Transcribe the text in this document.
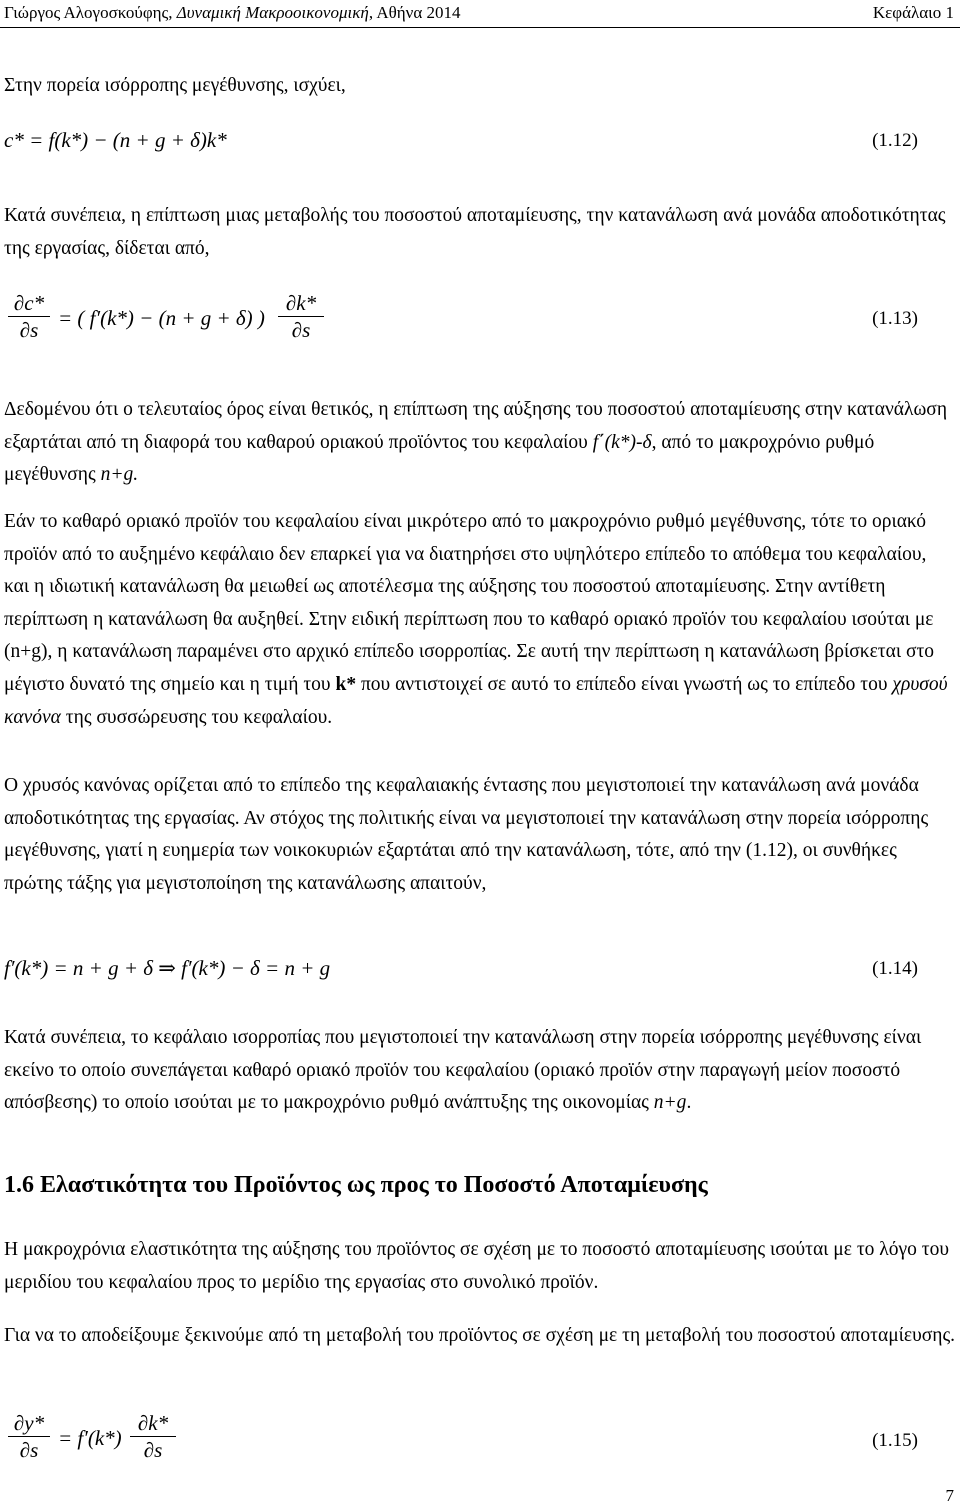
Γιώργος Αλογοσκούφης, Δυναμική Μακροοικονομική, Αθήνα 2014	Κεφάλαιο 1
Στην πορεία ισόρροπης μεγέθυνσης, ισχύει,
c* = f(k*) − (n + g + δ)k*	(1.12)
Κατά συνέπεια, η επίπτωση μιας μεταβολής του ποσοστού αποταμίευσης, την κατανάλωση ανά μονάδα αποδοτικότητας της εργασίας, δίδεται από,
∂c*
∂s = ( f′(k*) − (n + g + δ) )
∂k*
∂s	(1.13)
Δεδομένου ότι ο τελευταίος όρος είναι θετικός, η επίπτωση της αύξησης του ποσοστού αποταμίευσης στην κατανάλωση εξαρτάται από τη διαφορά του καθαρού οριακού προϊόντος του κεφαλαίου f΄(k*)-δ, από το μακροχρόνιο ρυθμό μεγέθυνσης n+g.
Εάν το καθαρό οριακό προϊόν του κεφαλαίου είναι μικρότερο από το μακροχρόνιο ρυθμό μεγέθυνσης, τότε το οριακό προϊόν από το αυξημένο κεφάλαιο δεν επαρκεί για να διατηρήσει στο υψηλότερο επίπεδο το απόθεμα του κεφαλαίου, και η ιδιωτική κατανάλωση θα μειωθεί ως αποτέλεσμα της αύξησης του ποσοστού αποταμίευσης. Στην αντίθετη περίπτωση η κατανάλωση θα αυξηθεί. Στην ειδική περίπτωση που το καθαρό οριακό προϊόν του κεφαλαίου ισούται με (n+g), η κατανάλωση παραμένει στο αρχικό επίπεδο ισορροπίας. Σε αυτή την περίπτωση η κατανάλωση βρίσκεται στο μέγιστο δυνατό της σημείο και η τιμή του k* που αντιστοιχεί σε αυτό το επίπεδο είναι γνωστή ως το επίπεδο του χρυσού κανόνα της συσσώρευσης του κεφαλαίου.
Ο χρυσός κανόνας ορίζεται από το επίπεδο της κεφαλαιακής έντασης που μεγιστοποιεί την κατανάλωση ανά μονάδα αποδοτικότητας της εργασίας. Αν στόχος της πολιτικής είναι να μεγιστοποιεί την κατανάλωση στην πορεία ισόρροπης μεγέθυνσης, γιατί η ευημερία των νοικοκυριών εξαρτάται από την κατανάλωση, τότε, από την (1.12), οι συνθήκες πρώτης τάξης για μεγιστοποίηση της κατανάλωσης απαιτούν,
f′(k*) = n + g + δ ⇒ f′(k*) − δ = n + g	(1.14)
Κατά συνέπεια, το κεφάλαιο ισορροπίας που μεγιστοποιεί την κατανάλωση στην πορεία ισόρροπης μεγέθυνσης είναι εκείνο το οποίο συνεπάγεται καθαρό οριακό προϊόν του κεφαλαίου (οριακό προϊόν στην παραγωγή μείον ποσοστό απόσβεσης) το οποίο ισούται με το μακροχρόνιο ρυθμό ανάπτυξης της οικονομίας n+g.
1.6 Ελαστικότητα του Προϊόντος ως προς το Ποσοστό Αποταμίευσης
Η μακροχρόνια ελαστικότητα της αύξησης του προϊόντος σε σχέση με το ποσοστό αποταμίευσης ισούται με το λόγο του μεριδίου του κεφαλαίου προς το μερίδιο της εργασίας στο συνολικό προϊόν.
Για να το αποδείξουμε ξεκινούμε από τη μεταβολή του προϊόντος σε σχέση με τη μεταβολή του ποσοστού αποταμίευσης.
∂y*
∂s = f′(k*)
∂k*
∂s	(1.15)
7
